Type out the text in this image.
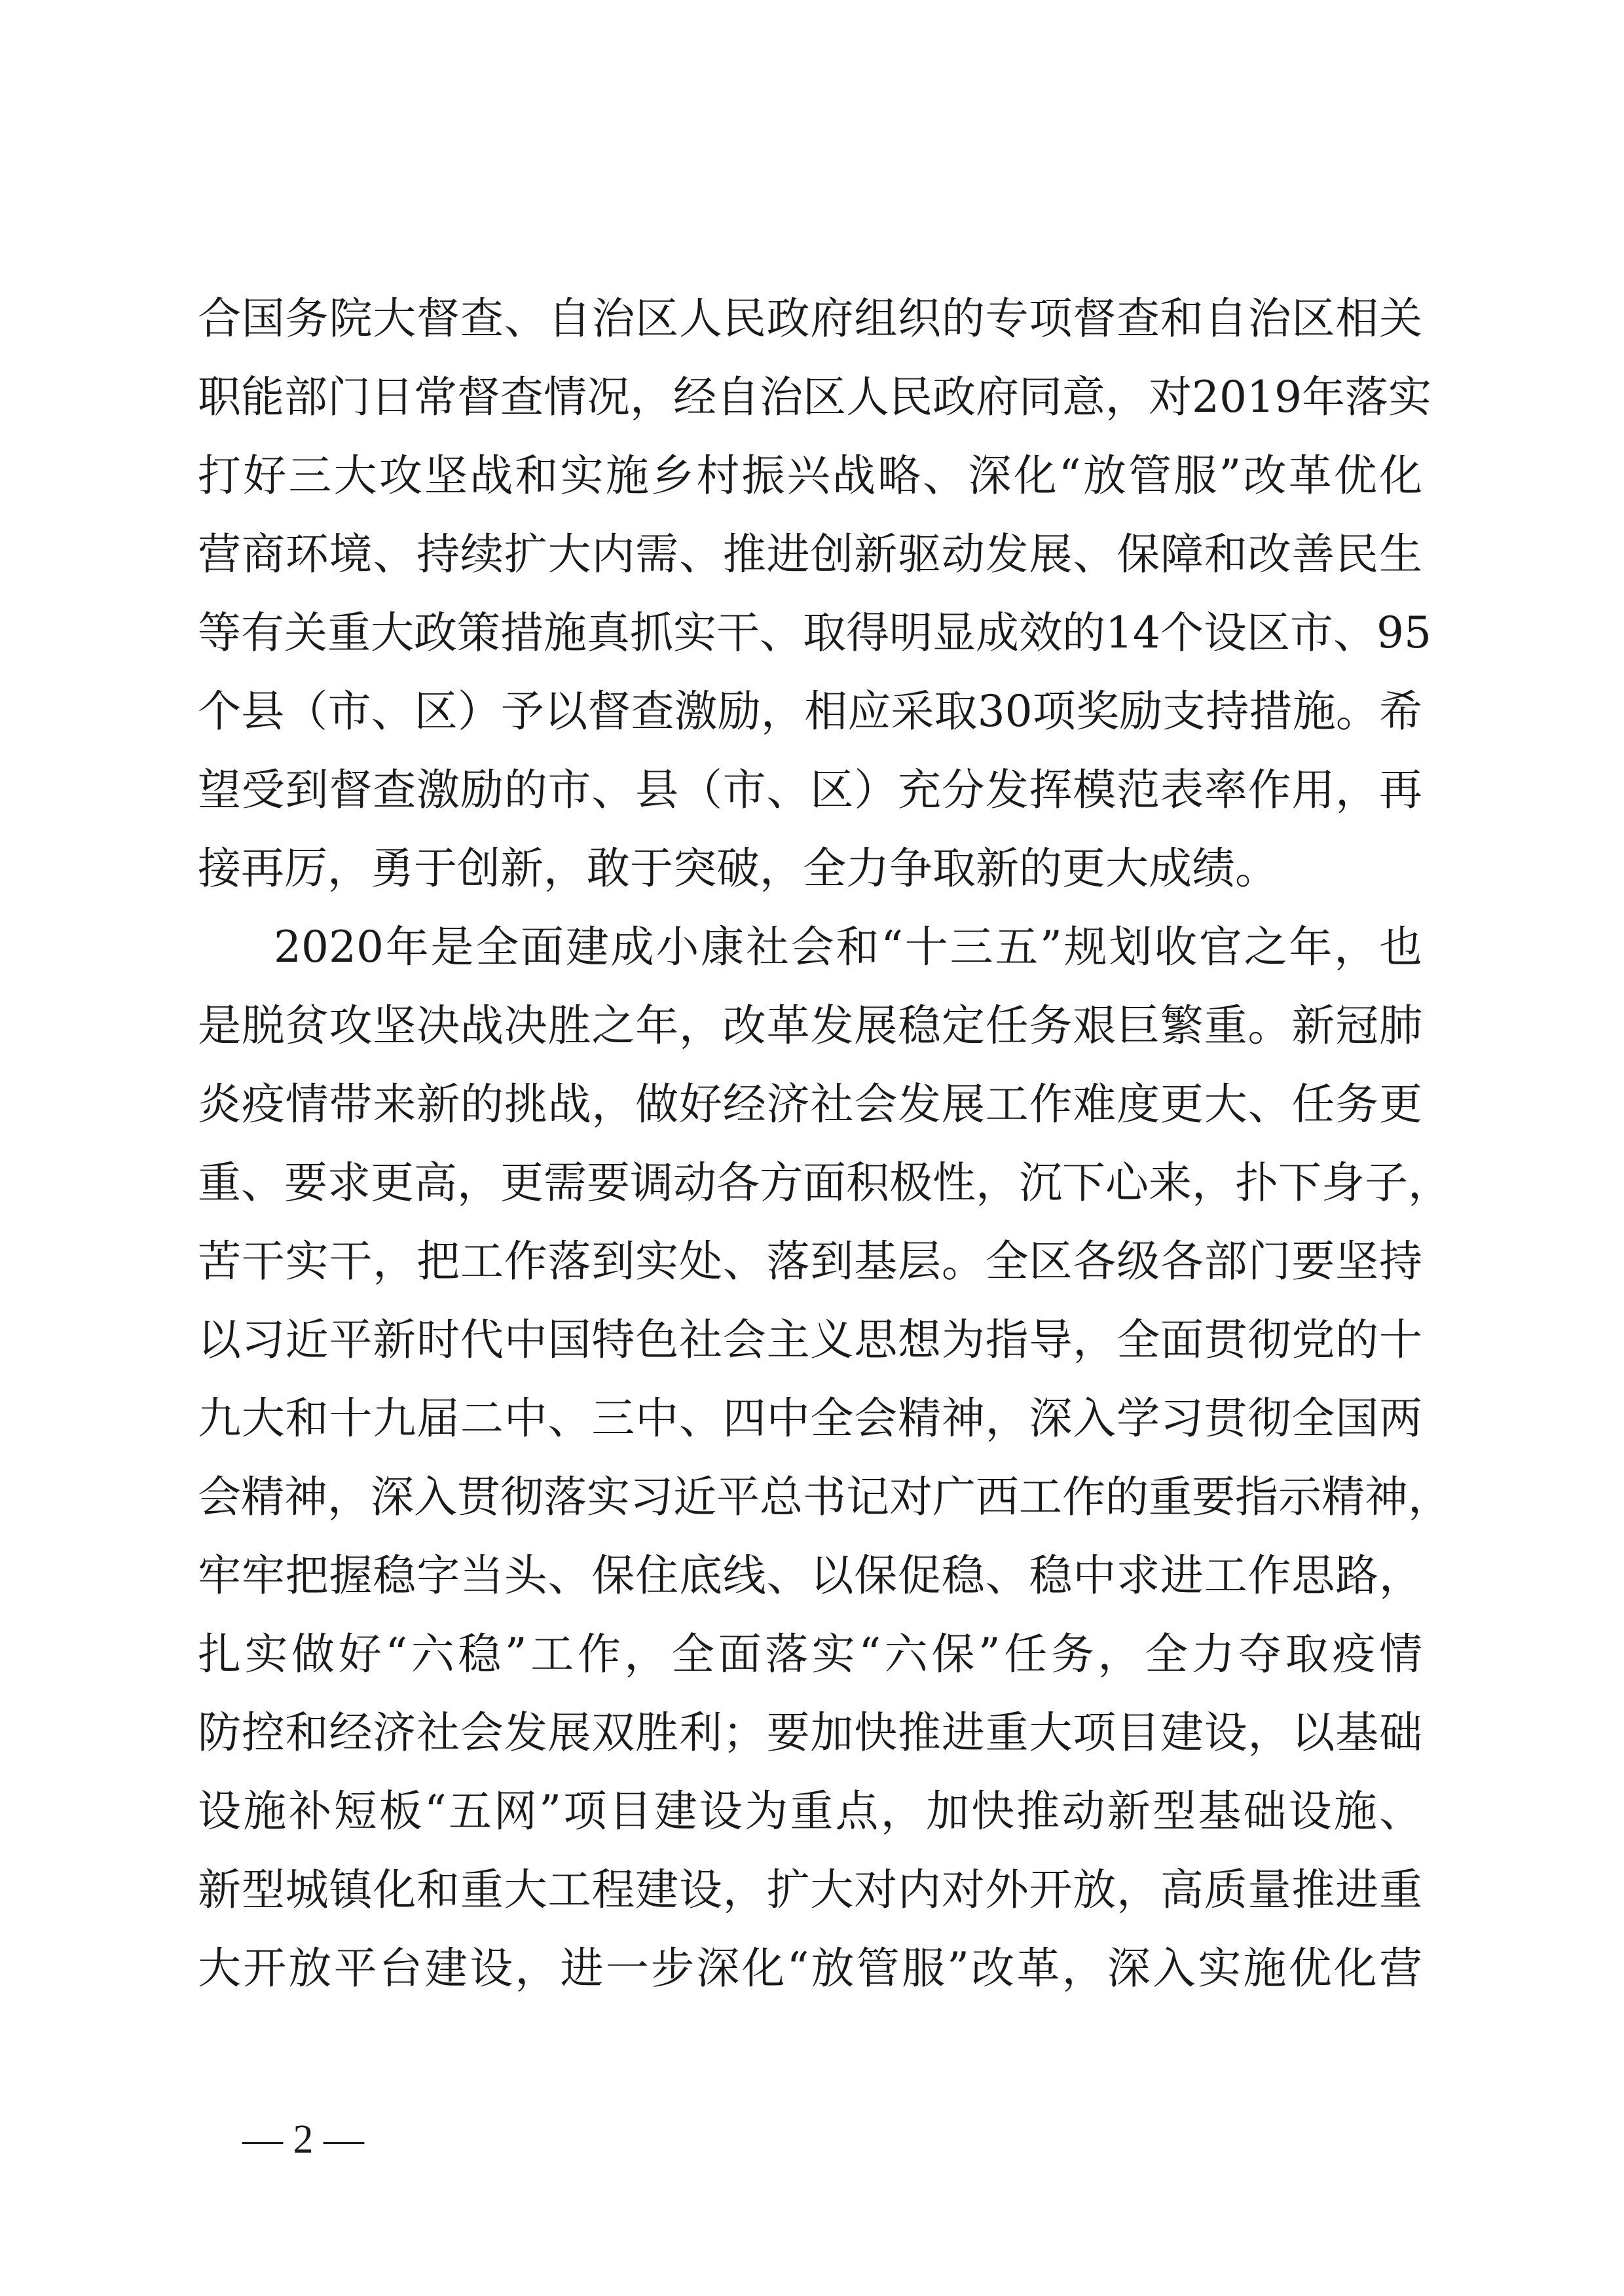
合国务院大督查、自治区人民政府组织的专项督查和自治区相关
职能部门日常督查情况，经自治区人民政府同意，对2019年落实
打好三大攻坚战和实施乡村振兴战略、深化“放管服”改革优化
营商环境、持续扩大内需、推进创新驱动发展、保障和改善民生
等有关重大政策措施真抓实干、取得明显成效的14个设区市、95
个县（市、区）予以督查激励，相应采取30项奖励支持措施。希
望受到督查激励的市、县（市、区）充分发挥模范表率作用，再
接再厉，勇于创新，敢于突破，全力争取新的更大成绩。
2020年是全面建成小康社会和“十三五”规划收官之年，也
是脱贫攻坚决战决胜之年，改革发展稳定任务艰巨繁重。新冠肺
炎疫情带来新的挑战，做好经济社会发展工作难度更大、任务更
重、要求更高，更需要调动各方面积极性，沉下心来，扑下身子，
苦干实干，把工作落到实处、落到基层。全区各级各部门要坚持
以习近平新时代中国特色社会主义思想为指导，全面贯彻党的十
九大和十九届二中、三中、四中全会精神，深入学习贯彻全国两
会精神，深入贯彻落实习近平总书记对广西工作的重要指示精神，
牢牢把握稳字当头、保住底线、以保促稳、稳中求进工作思路，
扎实做好“六稳”工作，全面落实“六保”任务，全力夺取疫情
防控和经济社会发展双胜利；要加快推进重大项目建设，以基础
设施补短板“五网”项目建设为重点，加快推动新型基础设施、
新型城镇化和重大工程建设，扩大对内对外开放，高质量推进重
大开放平台建设，进一步深化“放管服”改革，深入实施优化营
— 2 —
